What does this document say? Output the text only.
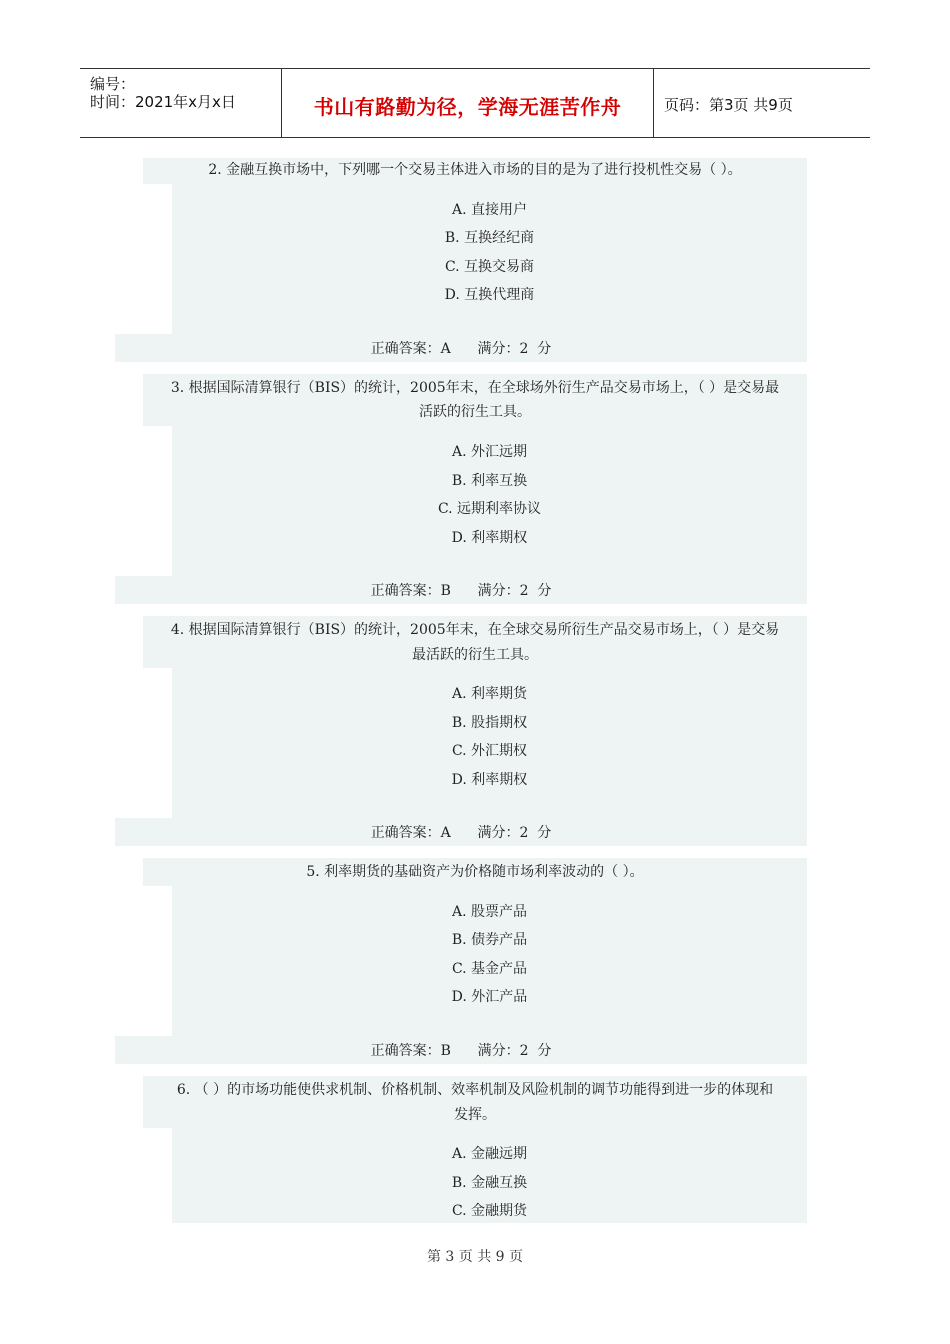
编号：
时间：2021年x月x日	书山有路勤为径，学海无涯苦作舟	页码：第3页 共9页
2. 金融互换市场中，下列哪一个交易主体进入市场的目的是为了进行投机性交易（ ）。
A. 直接用户
B. 互换经纪商
C. 互换交易商
D. 互换代理商
正确答案：A      满分：2  分
3. 根据国际清算银行（BIS）的统计，2005年末，在全球场外衍生产品交易市场上，（ ）是交易最
活跃的衍生工具。
A. 外汇远期
B. 利率互换
C. 远期利率协议
D. 利率期权
正确答案：B      满分：2  分
4. 根据国际清算银行（BIS）的统计，2005年末，在全球交易所衍生产品交易市场上，（ ）是交易
最活跃的衍生工具。
A. 利率期货
B. 股指期权
C. 外汇期权
D. 利率期权
正确答案：A      满分：2  分
5. 利率期货的基础资产为价格随市场利率波动的（ ）。
A. 股票产品
B. 债券产品
C. 基金产品
D. 外汇产品
正确答案：B      满分：2  分
6. （ ）的市场功能使供求机制、价格机制、效率机制及风险机制的调节功能得到进一步的体现和
发挥。
A. 金融远期
B. 金融互换
C. 金融期货
第 3 页 共 9 页
